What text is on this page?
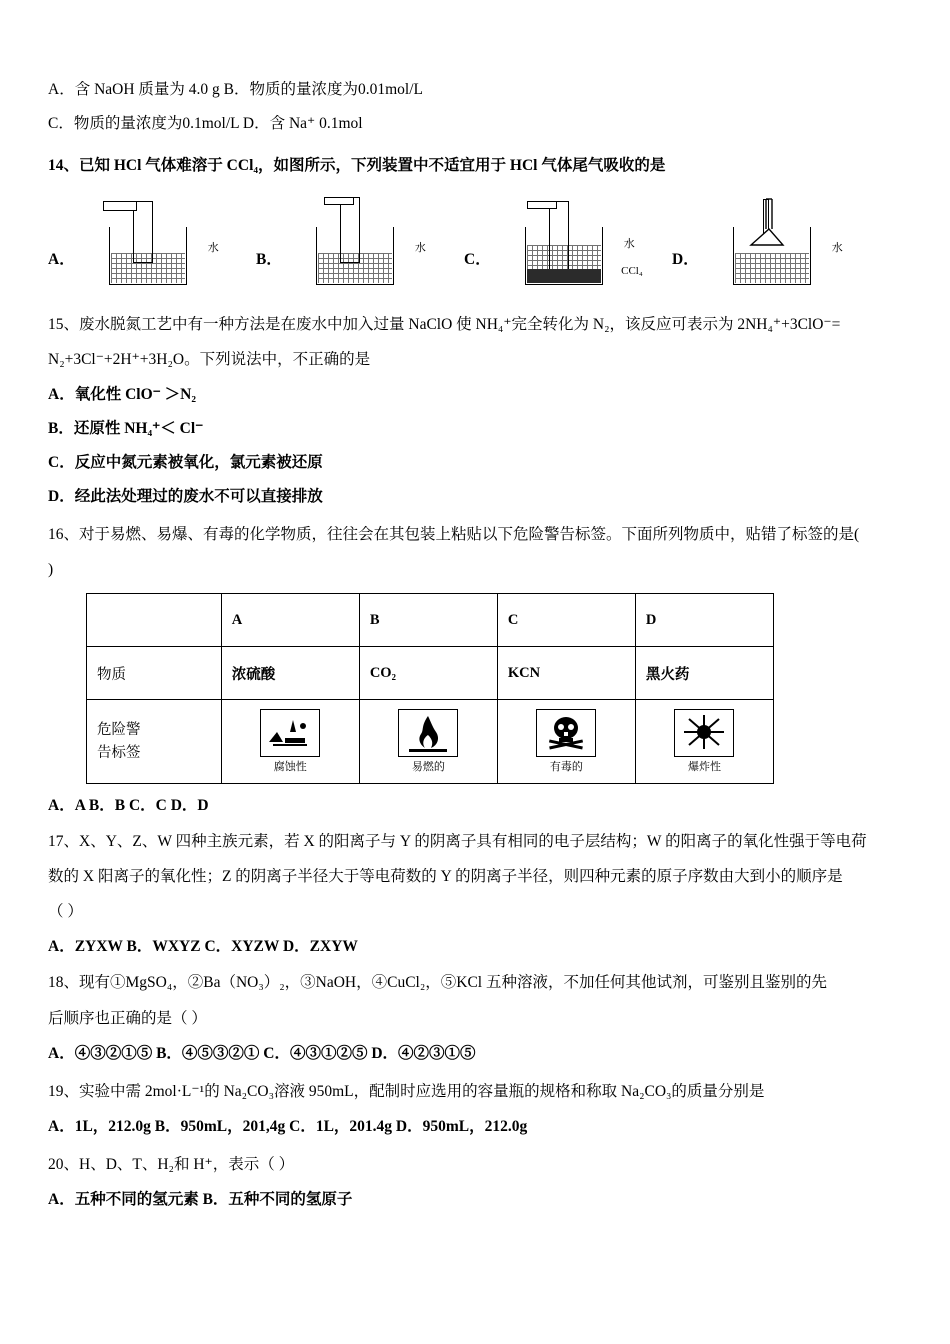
A．含 NaOH 质量为 4.0 g B．物质的量浓度为0.01mol/L
C．物质的量浓度为0.1mol/L D．含 Na⁺ 0.1mol
14、已知 HCl 气体难溶于 CCl₄，如图所示，下列装置中不适宜用于 HCl 气体尾气吸收的是
A．
水
B．
水
C．
水
CCl₄
D．
水
15、废水脱氮工艺中有一种方法是在废水中加入过量 NaClO 使 NH₄⁺完全转化为 N₂，该反应可表示为 2NH₄⁺+3ClO⁻=
N₂+3Cl⁻+2H⁺+3H₂O。下列说法中，不正确的是
A．氧化性 ClO⁻ ＞N₂
B．还原性 NH₄⁺＜ Cl⁻
C．反应中氮元素被氧化，氯元素被还原
D．经此法处理过的废水不可以直接排放
16、对于易燃、易爆、有毒的化学物质，往往会在其包装上粘贴以下危险警告标签。下面所列物质中，贴错了标签的是(
)
	A	B	C	D
物质	浓硫酸	CO₂	KCN	黑火药

危险警
告标签	腐蚀性	易燃的	有毒的	爆炸性
A．A B．B C．C D．D
17、X、Y、Z、W 四种主族元素，若 X 的阳离子与 Y 的阴离子具有相同的电子层结构；W 的阳离子的氧化性强于等电荷
数的 X 阳离子的氧化性；Z 的阴离子半径大于等电荷数的 Y 的阴离子半径，则四种元素的原子序数由大到小的顺序是
（ ）
A．ZYXW B．WXYZ C．XYZW D．ZXYW
18、现有①MgSO₄，②Ba（NO₃）₂，③NaOH，④CuCl₂，⑤KCl 五种溶液，不加任何其他试剂，可鉴别且鉴别的先
后顺序也正确的是（ ）
A．④③②①⑤ B．④⑤③②① C．④③①②⑤ D．④②③①⑤
19、实验中需 2mol·L⁻¹的 Na₂CO₃溶液 950mL，配制时应选用的容量瓶的规格和称取 Na₂CO₃的质量分别是
A．1L，212.0g B．950mL，201,4g C．1L，201.4g D．950mL，212.0g
20、H、D、T、H₂和 H⁺，表示（ ）
A．五种不同的氢元素 B．五种不同的氢原子
